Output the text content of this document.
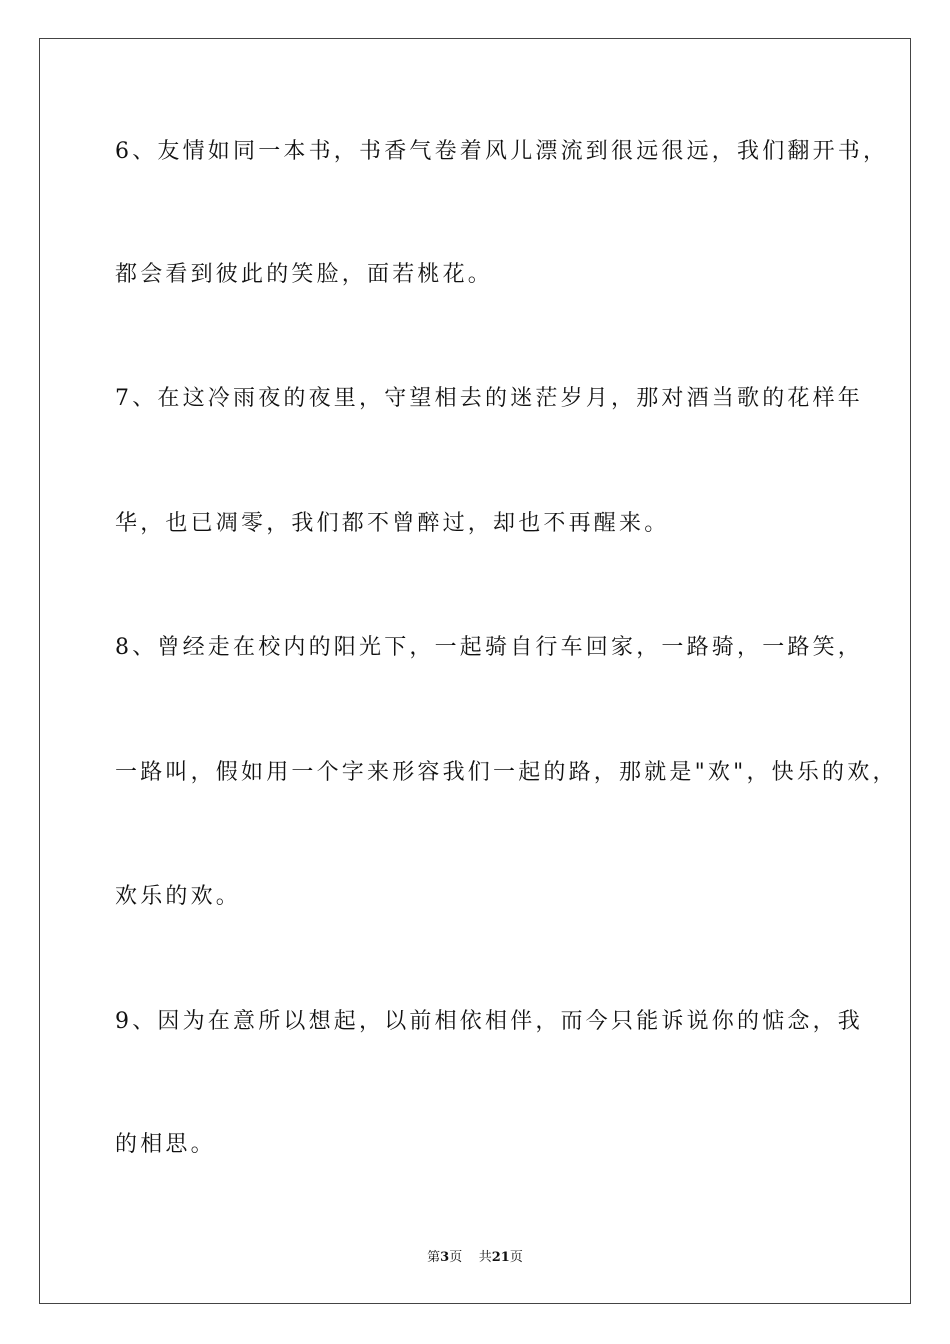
6、友情如同一本书，书香气卷着风儿漂流到很远很远，我们翻开书，
都会看到彼此的笑脸，面若桃花。
7、在这冷雨夜的夜里，守望相去的迷茫岁月，那对酒当歌的花样年
华，也已凋零，我们都不曾醉过，却也不再醒来。
8、曾经走在校内的阳光下，一起骑自行车回家，一路骑，一路笑，
一路叫，假如用一个字来形容我们一起的路，那就是"欢"，快乐的欢，
欢乐的欢。
9、因为在意所以想起，以前相依相伴，而今只能诉说你的惦念，我
的相思。
第3页 共21页
